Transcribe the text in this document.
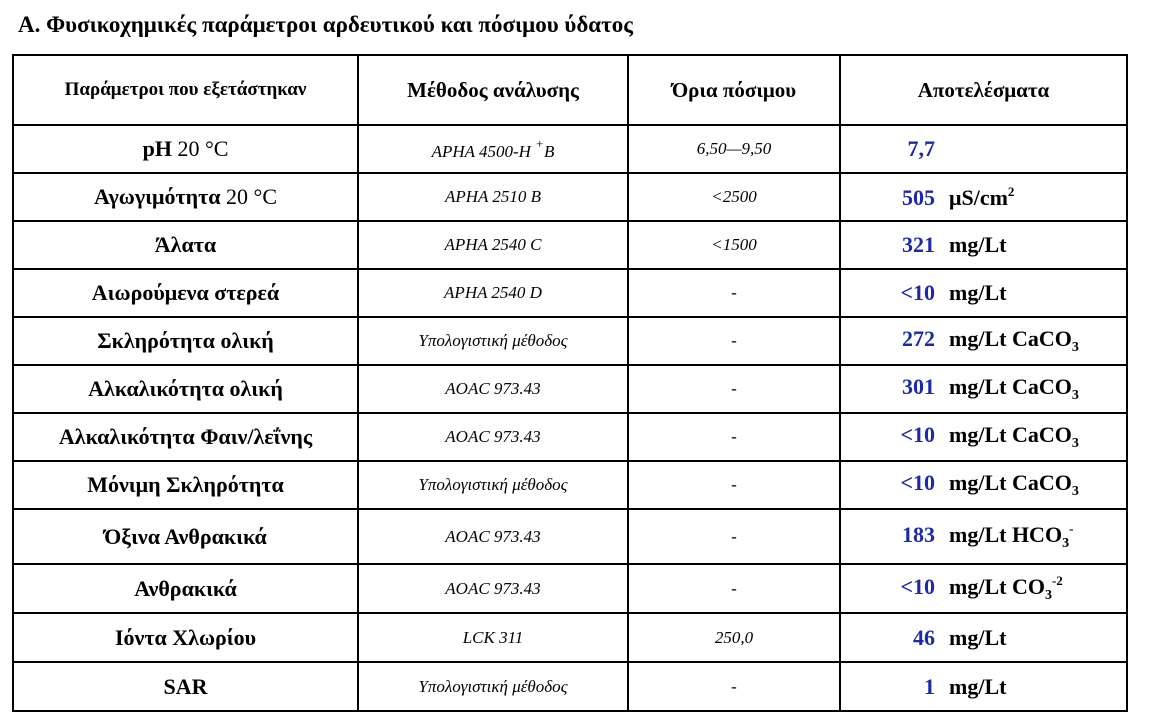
A. Φυσικοχημικές παράμετροι αρδευτικού και πόσιμου ύδατος
Παράμετροι που εξετάστηκαν	Μέθοδος ανάλυσης	Όρια πόσιμου	Αποτελέσματα
pH 20 °C	APHA 4500-H +B	6,50—9,50	7,7
Αγωγιμότητα 20 °C	APHA 2510 B	<2500	505 $\mu S/cm^2$
Άλατα	APHA 2540 C	<1500	321 mg/Lt
Αιωρούμενα στερεά	APHA 2540 D	-	<10 mg/Lt
Σκληρότητα ολική	Υπολογιστική μέθοδος	-	272 mg/Lt CaCO$_3$
Αλκαλικότητα ολική	AOAC 973.43	-	301 mg/Lt CaCO$_3$
Αλκαλικότητα Φαιν/λεΐνης	AOAC 973.43	-	<10 mg/Lt CaCO$_3$
Μόνιμη Σκληρότητα	Υπολογιστική μέθοδος	-	<10 mg/Lt CaCO$_3$
Όξινα Ανθρακικά	AOAC 973.43	-	183 mg/Lt $HCO_3^-$
Ανθρακικά	AOAC 973.43	-	<10 mg/Lt $CO_3^{-2}$
Ιόντα Χλωρίου	LCK 311	250,0	46 mg/Lt
SAR	Υπολογιστική μέθοδος	-	1 mg/Lt
